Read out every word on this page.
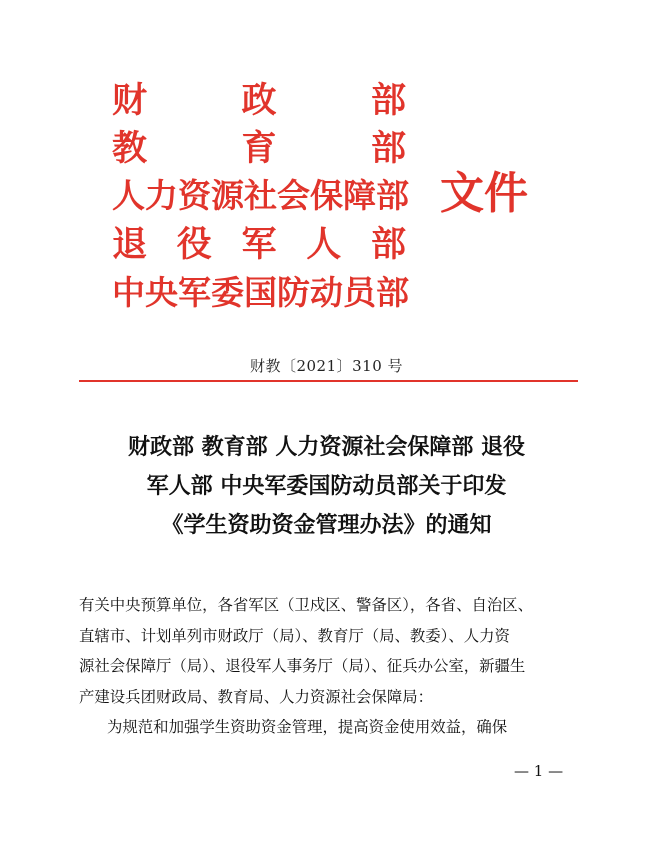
财	政	部
教	育	部
人力资源社会保障部
退 役 军 人 部
中央军委国防动员部
文件
财教〔2021〕310 号
财政部 教育部 人力资源社会保障部 退役
军人部 中央军委国防动员部关于印发
《学生资助资金管理办法》的通知
有关中央预算单位，各省军区（卫戍区、警备区），各省、自治区、
直辖市、计划单列市财政厅（局）、教育厅（局、教委）、人力资
源社会保障厅（局）、退役军人事务厅（局）、征兵办公室，新疆生
产建设兵团财政局、教育局、人力资源社会保障局：
为规范和加强学生资助资金管理，提高资金使用效益，确保
— 1 —
